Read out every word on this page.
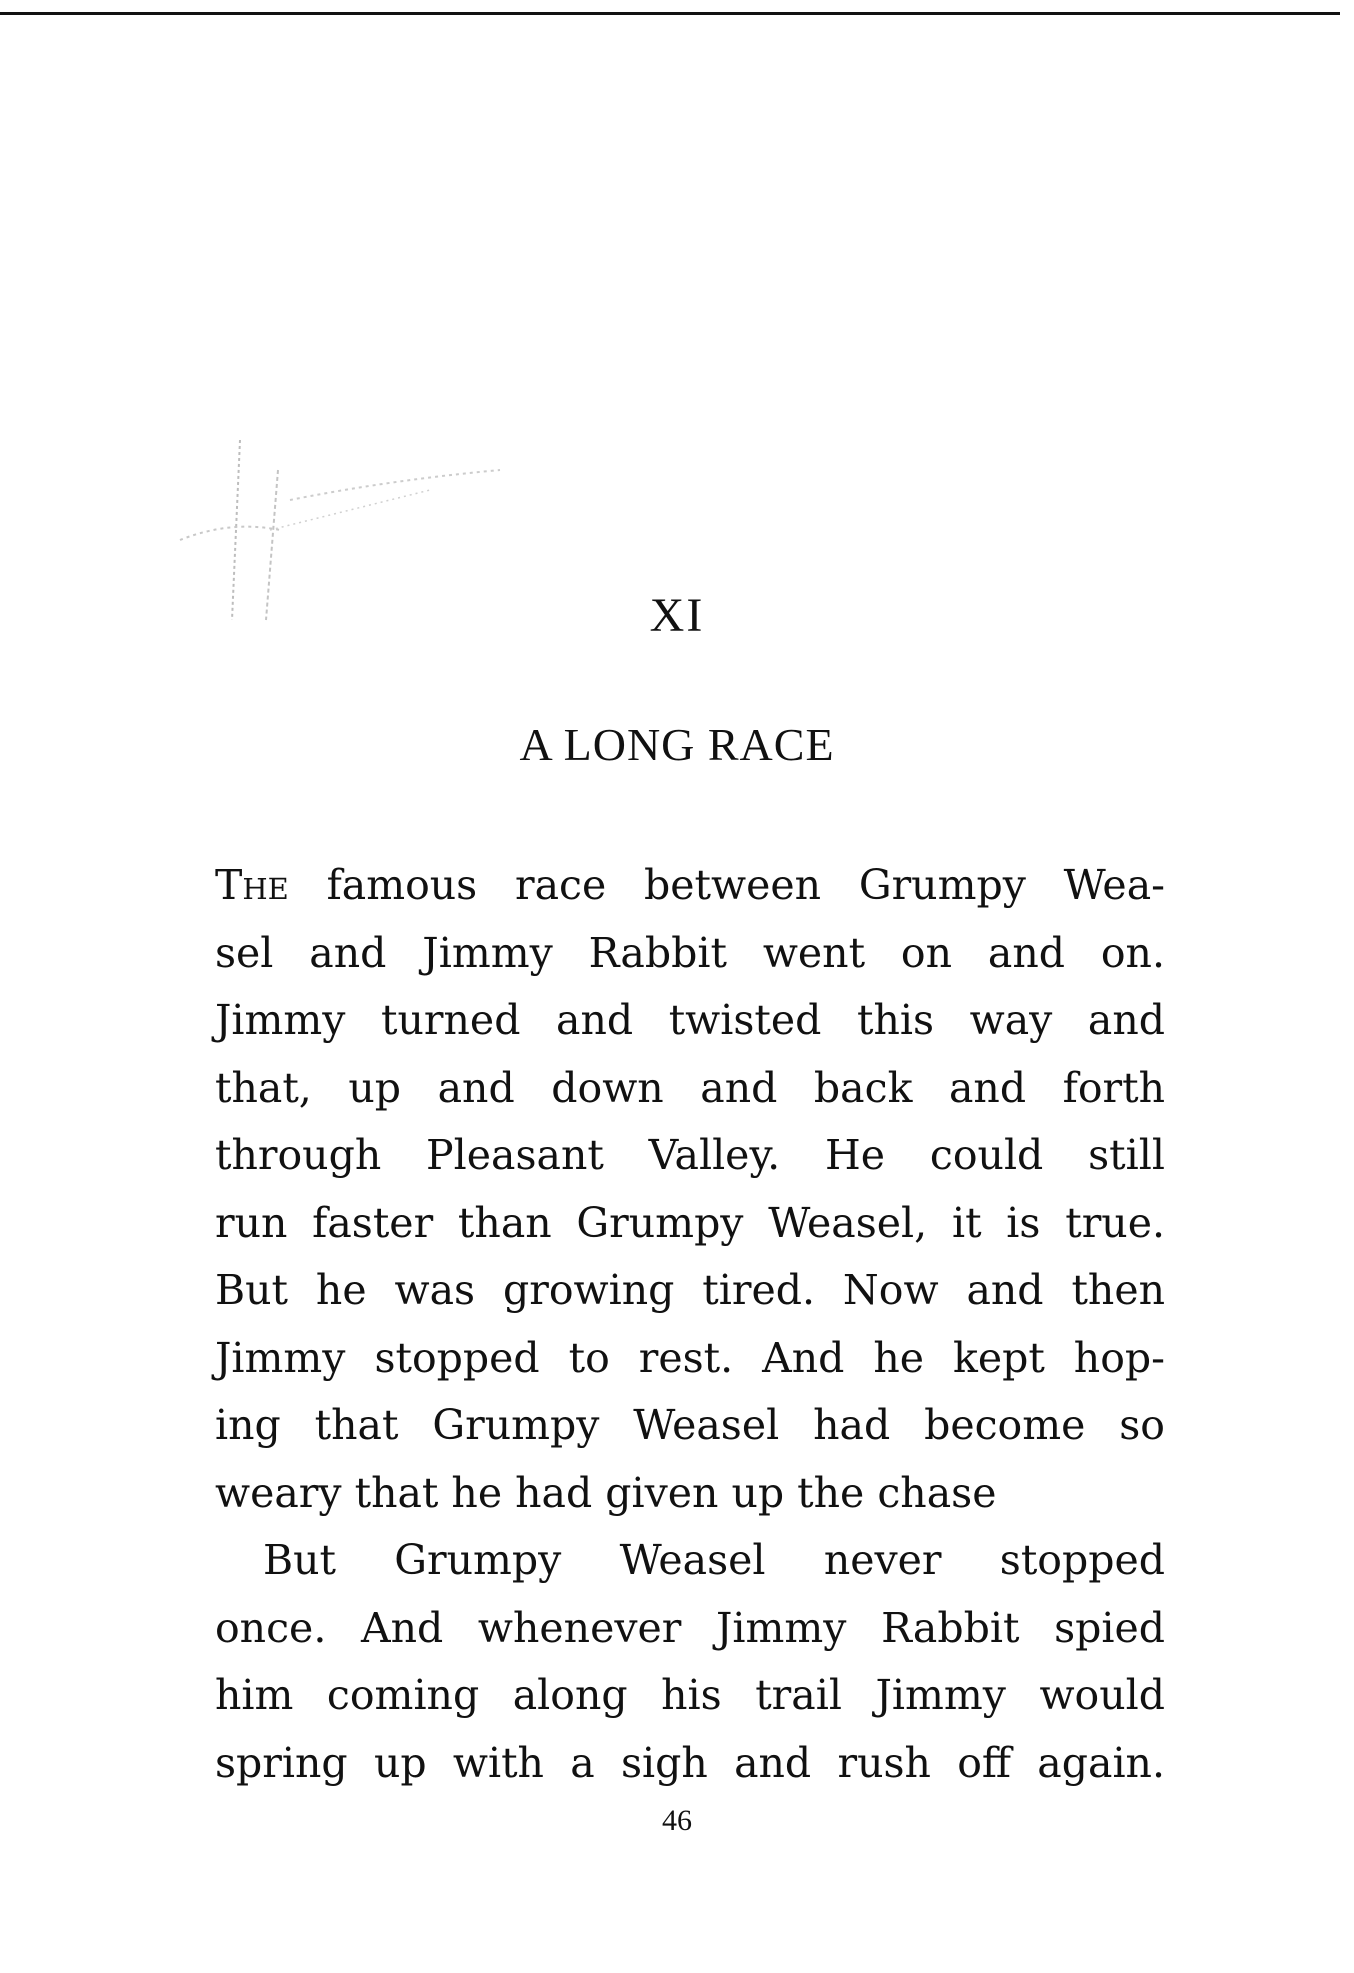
XI
A LONG RACE
The famous race between Grumpy Wea-
sel and Jimmy Rabbit went on and on.
Jimmy turned and twisted this way and
that, up and down and back and forth
through Pleasant Valley. He could still
run faster than Grumpy Weasel, it is true.
But he was growing tired. Now and then
Jimmy stopped to rest. And he kept hop-
ing that Grumpy Weasel had become so
weary that he had given up the chase
But Grumpy Weasel never stopped
once. And whenever Jimmy Rabbit spied
him coming along his trail Jimmy would
spring up with a sigh and rush off again.
46
